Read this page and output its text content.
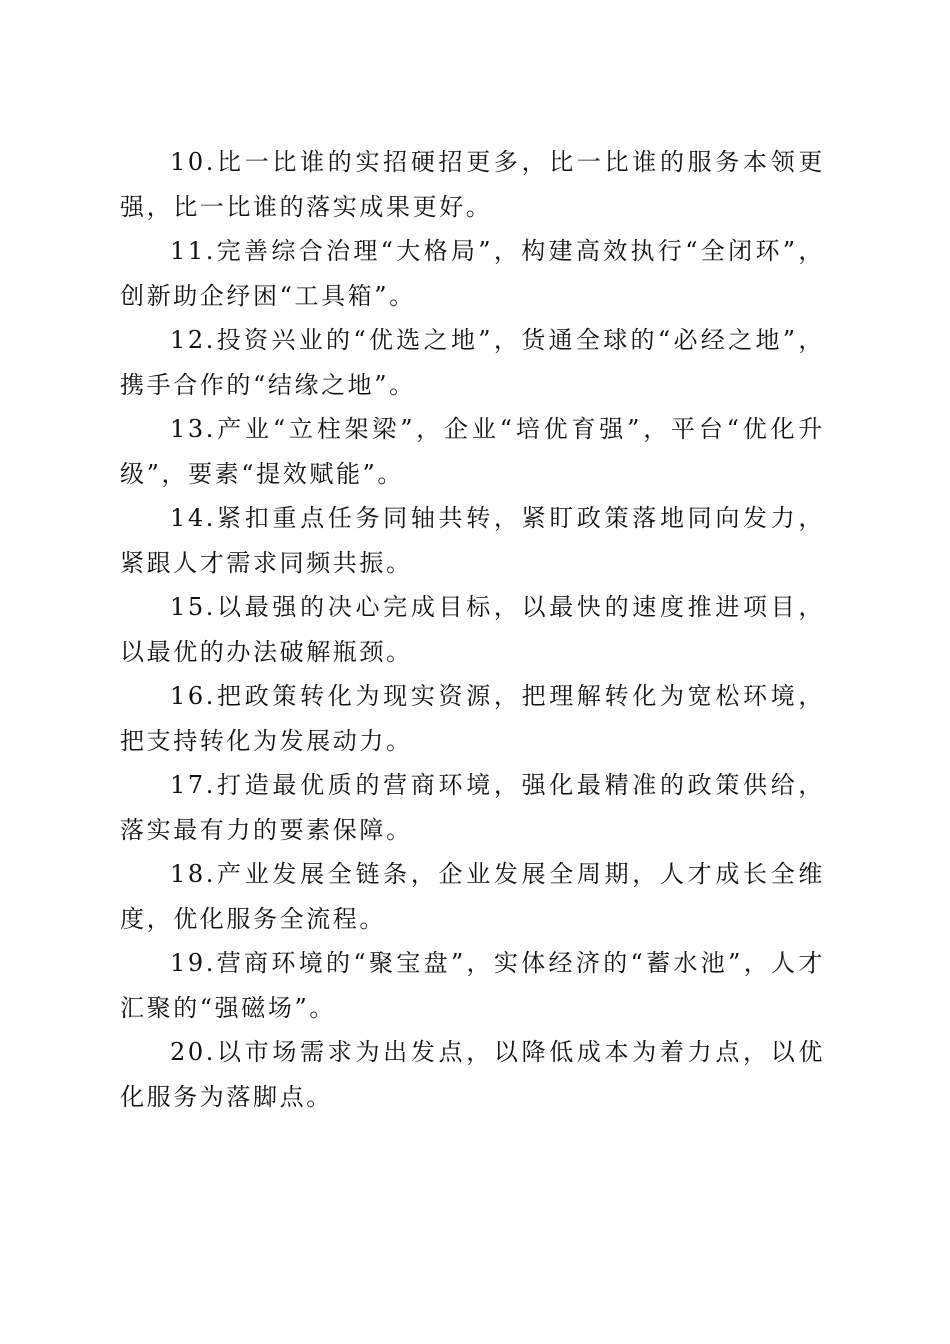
10.比一比谁的实招硬招更多，比一比谁的服务本领更强，比一比谁的落实成果更好。

11.完善综合治理“大格局”，构建高效执行“全闭环”，创新助企纾困“工具箱”。

12.投资兴业的“优选之地”，货通全球的“必经之地”，携手合作的“结缘之地”。

13.产业“立柱架梁”，企业“培优育强”，平台“优化升级”，要素“提效赋能”。

14.紧扣重点任务同轴共转，紧盯政策落地同向发力，紧跟人才需求同频共振。

15.以最强的决心完成目标，以最快的速度推进项目，以最优的办法破解瓶颈。

16.把政策转化为现实资源，把理解转化为宽松环境，把支持转化为发展动力。

17.打造最优质的营商环境，强化最精准的政策供给，落实最有力的要素保障。

18.产业发展全链条，企业发展全周期，人才成长全维度，优化服务全流程。

19.营商环境的“聚宝盘”，实体经济的“蓄水池”，人才汇聚的“强磁场”。

20.以市场需求为出发点，以降低成本为着力点，以优化服务为落脚点。
